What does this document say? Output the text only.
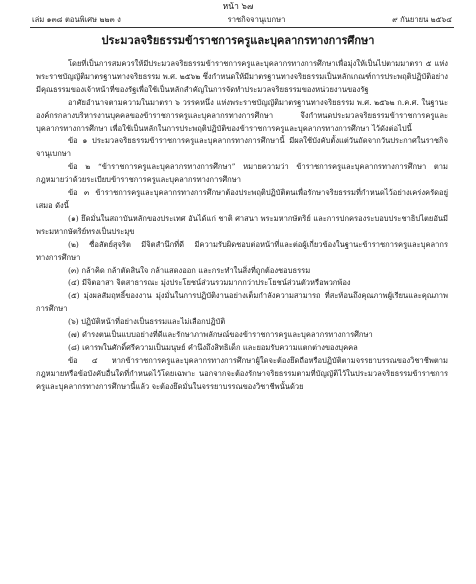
หน้า ๖๗
เล่ม ๑๓๘ ตอนพิเศษ ๒๒๓ ง	ราชกิจจานุเบกษา	๙ กันยายน ๒๕๖๔
ประมวลจริยธรรมข้าราชการครูและบุคลากรทางการศึกษา

โดยที่เป็นการสมควรให้มีประมวลจริยธรรมข้าราชการครูและบุคลากรทางการศึกษาเพื่อมุ่งให้เป็นไปตามมาตรา ๕ แห่งพระราชบัญญัติมาตรฐานทางจริยธรรม พ.ศ. ๒๕๖๒ ซึ่งกำหนดให้มีมาตรฐานทางจริยธรรมเป็นหลักเกณฑ์การประพฤติปฏิบัติอย่างมีคุณธรรมของเจ้าหน้าที่ของรัฐเพื่อใช้เป็นหลักสำคัญในการจัดทำประมวลจริยธรรมของหน่วยงานของรัฐ

อาศัยอำนาจตามความในมาตรา ๖ วรรคหนึ่ง แห่งพระราชบัญญัติมาตรฐานทางจริยธรรม พ.ศ. ๒๕๖๒ ก.ค.ศ. ในฐานะองค์กรกลางบริหารงานบุคคลของข้าราชการครูและบุคลากรทางการศึกษา จึงกำหนดประมวลจริยธรรมข้าราชการครูและบุคลากรทางการศึกษา เพื่อใช้เป็นหลักในการประพฤติปฏิบัติของข้าราชการครูและบุคลากรทางการศึกษา ไว้ดังต่อไปนี้

ข้อ ๑ ประมวลจริยธรรมข้าราชการครูและบุคลากรทางการศึกษานี้ มีผลใช้บังคับตั้งแต่วันถัดจากวันประกาศในราชกิจจานุเบกษา

ข้อ ๒ “ข้าราชการครูและบุคลากรทางการศึกษา” หมายความว่า ข้าราชการครูและบุคลากรทางการศึกษา ตามกฎหมายว่าด้วยระเบียบข้าราชการครูและบุคลากรทางการศึกษา

ข้อ ๓ ข้าราชการครูและบุคลากรทางการศึกษาต้องประพฤติปฏิบัติตนเพื่อรักษาจริยธรรมที่กำหนดไว้อย่างเคร่งครัดอยู่เสมอ ดังนี้

(๑) ยึดมั่นในสถาบันหลักของประเทศ อันได้แก่ ชาติ ศาสนา พระมหากษัตริย์ และการปกครองระบอบประชาธิปไตยอันมีพระมหากษัตริย์ทรงเป็นประมุข

(๒) ซื่อสัตย์สุจริต มีจิตสำนึกที่ดี มีความรับผิดชอบต่อหน้าที่และต่อผู้เกี่ยวข้องในฐานะข้าราชการครูและบุคลากรทางการศึกษา

(๓) กล้าคิด กล้าตัดสินใจ กล้าแสดงออก และกระทำในสิ่งที่ถูกต้องชอบธรรม

(๔) มีจิตอาสา จิตสาธารณะ มุ่งประโยชน์ส่วนรวมมากกว่าประโยชน์ส่วนตัวหรือพวกพ้อง

(๕) มุ่งผลสัมฤทธิ์ของงาน มุ่งมั่นในการปฏิบัติงานอย่างเต็มกำลังความสามารถ ที่สะท้อนถึงคุณภาพผู้เรียนและคุณภาพการศึกษา

(๖) ปฏิบัติหน้าที่อย่างเป็นธรรมและไม่เลือกปฏิบัติ

(๗) ดำรงตนเป็นแบบอย่างที่ดีและรักษาภาพลักษณ์ของข้าราชการครูและบุคลากรทางการศึกษา

(๘) เคารพในศักดิ์ศรีความเป็นมนุษย์ คำนึงถึงสิทธิเด็ก และยอมรับความแตกต่างของบุคคล

ข้อ ๔ หากข้าราชการครูและบุคลากรทางการศึกษาผู้ใดจะต้องยึดถือหรือปฏิบัติตามจรรยาบรรณของวิชาชีพตามกฎหมายหรือข้อบังคับอื่นใดที่กำหนดไว้โดยเฉพาะ นอกจากจะต้องรักษาจริยธรรมตามที่บัญญัติไว้ในประมวลจริยธรรมข้าราชการครูและบุคลากรทางการศึกษานี้แล้ว จะต้องยึดมั่นในจรรยาบรรณของวิชาชีพนั้นด้วย
